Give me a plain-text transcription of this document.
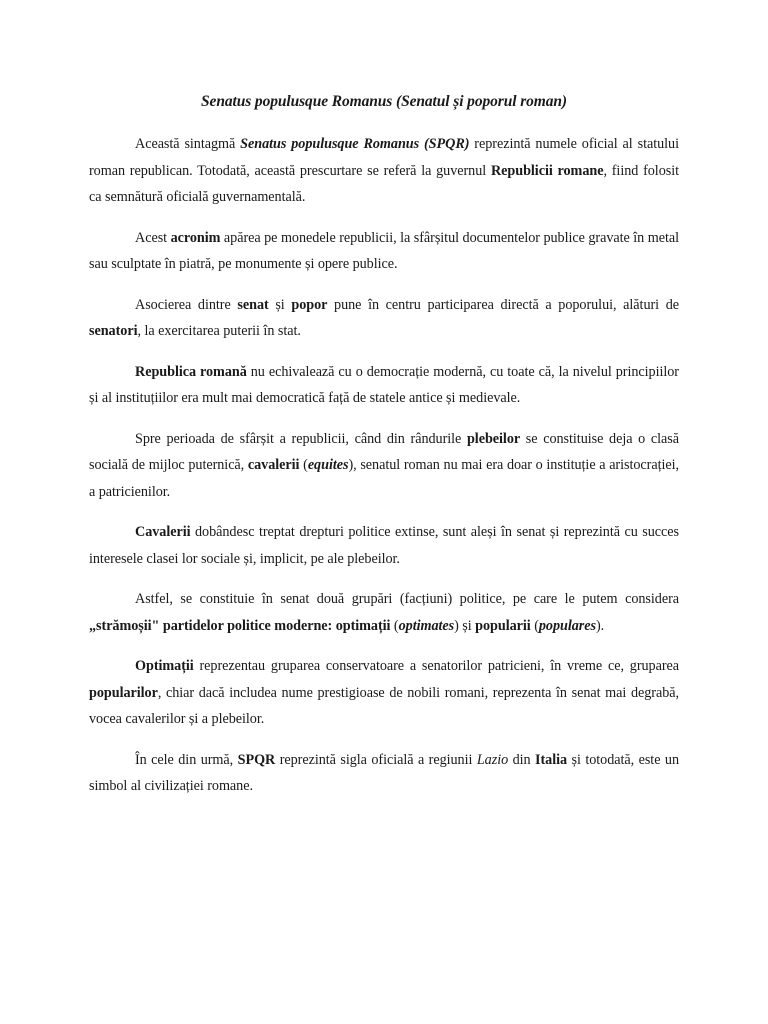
Senatus populusque Romanus (Senatul și poporul roman)

Această sintagmă Senatus populusque Romanus (SPQR) reprezintă numele oficial al statului roman republican. Totodată, această prescurtare se referă la guvernul Republicii romane, fiind folosit ca semnătură oficială guvernamentală.

Acest acronim apărea pe monedele republicii, la sfârșitul documentelor publice gravate în metal sau sculptate în piatră, pe monumente și opere publice.

Asocierea dintre senat și popor pune în centru participarea directă a poporului, alături de senatori, la exercitarea puterii în stat.

Republica romană nu echivalează cu o democrație modernă, cu toate că, la nivelul principiilor și al instituțiilor era mult mai democratică față de statele antice și medievale.

Spre perioada de sfârșit a republicii, când din rândurile plebeilor se constituise deja o clasă socială de mijloc puternică, cavalerii (equites), senatul roman nu mai era doar o instituție a aristocrației, a patricienilor.

Cavalerii dobândesc treptat drepturi politice extinse, sunt aleși în senat și reprezintă cu succes interesele clasei lor sociale și, implicit, pe ale plebeilor.

Astfel, se constituie în senat două grupări (facțiuni) politice, pe care le putem considera „strămoșii" partidelor politice moderne: optimații (optimates) și popularii (populares).

Optimații reprezentau gruparea conservatoare a senatorilor patricieni, în vreme ce, gruparea popularilor, chiar dacă includea nume prestigioase de nobili romani, reprezenta în senat mai degrabă, vocea cavalerilor și a plebeilor.

În cele din urmă, SPQR reprezintă sigla oficială a regiunii Lazio din Italia și totodată, este un simbol al civilizației romane.
